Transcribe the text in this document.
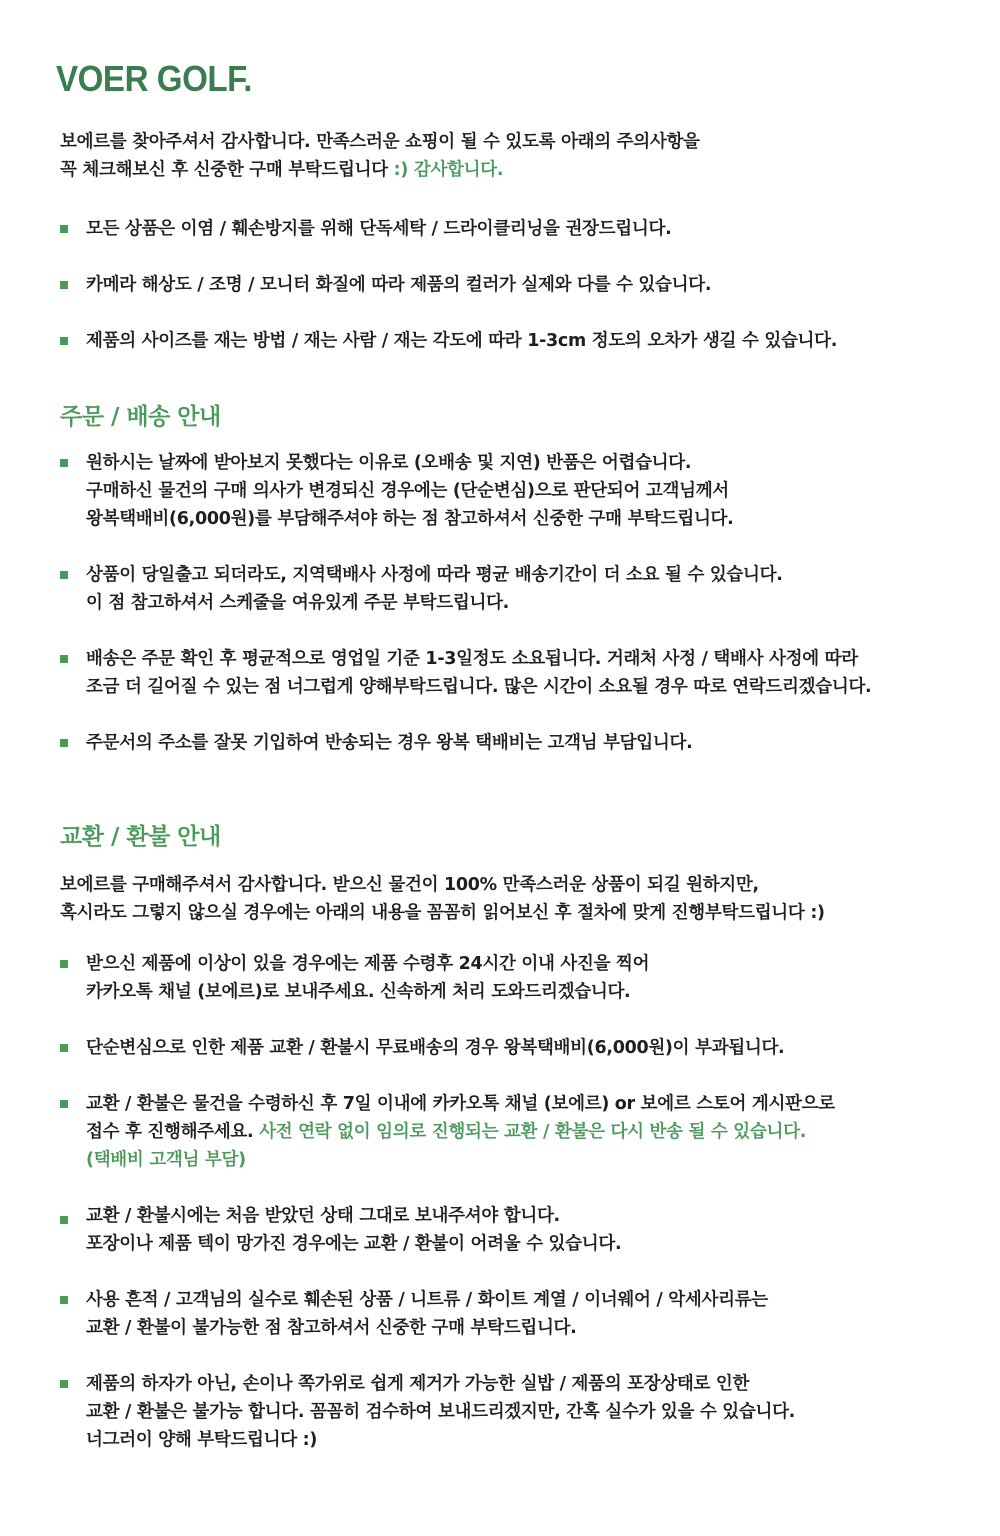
VOER GOLF.
보에르를 찾아주셔서 감사합니다. 만족스러운 쇼핑이 될 수 있도록 아래의 주의사항을
꼭 체크해보신 후 신중한 구매 부탁드립니다 :) 감사합니다.
모든 상품은 이염 / 훼손방지를 위해 단독세탁 / 드라이클리닝을 권장드립니다.
카메라 해상도 / 조명 / 모니터 화질에 따라 제품의 컬러가 실제와 다를 수 있습니다.
제품의 사이즈를 재는 방법 / 재는 사람 / 재는 각도에 따라 1-3cm 정도의 오차가 생길 수 있습니다.
주문 / 배송 안내
원하시는 날짜에 받아보지 못했다는 이유로 (오배송 및 지연) 반품은 어렵습니다.
구매하신 물건의 구매 의사가 변경되신 경우에는 (단순변심)으로 판단되어 고객님께서
왕복택배비(6,000원)를 부담해주셔야 하는 점 참고하셔서 신중한 구매 부탁드립니다.
상품이 당일출고 되더라도, 지역택배사 사정에 따라 평균 배송기간이 더 소요 될 수 있습니다.
이 점 참고하셔서 스케줄을 여유있게 주문 부탁드립니다.
배송은 주문 확인 후 평균적으로 영업일 기준 1-3일정도 소요됩니다. 거래처 사정 / 택배사 사정에 따라
조금 더 길어질 수 있는 점 너그럽게 양해부탁드립니다. 많은 시간이 소요될 경우 따로 연락드리겠습니다.
주문서의 주소를 잘못 기입하여 반송되는 경우 왕복 택배비는 고객님 부담입니다.
교환 / 환불 안내
보에르를 구매해주셔서 감사합니다. 받으신 물건이 100% 만족스러운 상품이 되길 원하지만,
혹시라도 그렇지 않으실 경우에는 아래의 내용을 꼼꼼히 읽어보신 후 절차에 맞게 진행부탁드립니다 :)
받으신 제품에 이상이 있을 경우에는 제품 수령후 24시간 이내 사진을 찍어
카카오톡 채널 (보에르)로 보내주세요. 신속하게 처리 도와드리겠습니다.
단순변심으로 인한 제품 교환 / 환불시 무료배송의 경우 왕복택배비(6,000원)이 부과됩니다.
교환 / 환불은 물건을 수령하신 후 7일 이내에 카카오톡 채널 (보에르) or 보에르 스토어 게시판으로
접수 후 진행해주세요. 사전 연락 없이 임의로 진행되는 교환 / 환불은 다시 반송 될 수 있습니다.
(택배비 고객님 부담)
교환 / 환불시에는 처음 받았던 상태 그대로 보내주셔야 합니다.
포장이나 제품 텍이 망가진 경우에는 교환 / 환불이 어려울 수 있습니다.
사용 흔적 / 고객님의 실수로 훼손된 상품 / 니트류 / 화이트 계열 / 이너웨어 / 악세사리류는
교환 / 환불이 불가능한 점 참고하셔서 신중한 구매 부탁드립니다.
제품의 하자가 아닌, 손이나 쪽가위로 쉽게 제거가 가능한 실밥 / 제품의 포장상태로 인한
교환 / 환불은 불가능 합니다. 꼼꼼히 검수하여 보내드리겠지만, 간혹 실수가 있을 수 있습니다.
너그러이 양해 부탁드립니다 :)
